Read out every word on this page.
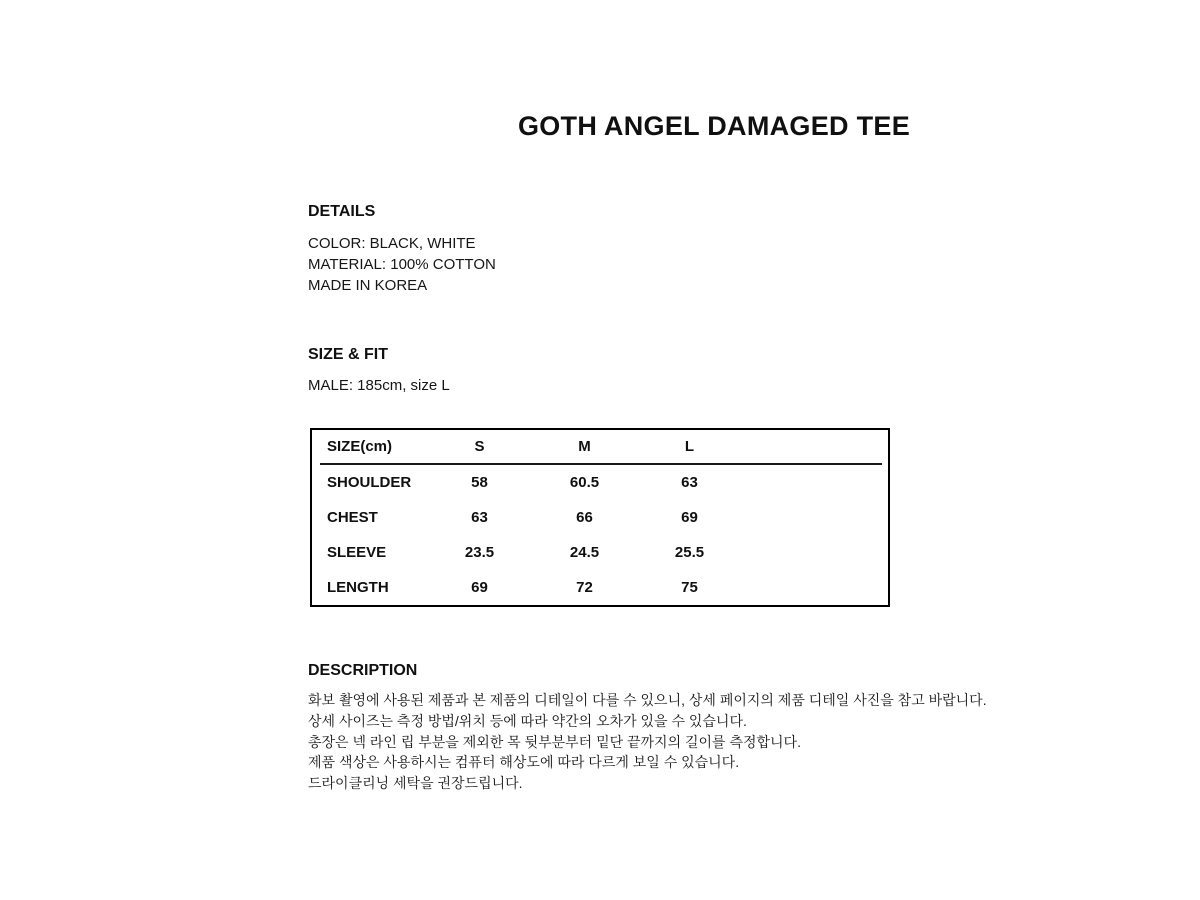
GOTH ANGEL DAMAGED TEE
DETAILS
COLOR: BLACK, WHITE
MATERIAL: 100% COTTON
MADE IN KOREA
SIZE & FIT
MALE: 185cm, size L
SIZE(cm)	S	M	L
SHOULDER	58	60.5	63
CHEST	63	66	69
SLEEVE	23.5	24.5	25.5
LENGTH	69	72	75
DESCRIPTION
화보 촬영에 사용된 제품과 본 제품의 디테일이 다를 수 있으니, 상세 페이지의 제품 디테일 사진을 참고 바랍니다.
상세 사이즈는 측정 방법/위치 등에 따라 약간의 오차가 있을 수 있습니다.
총장은 넥 라인 립 부분을 제외한 목 뒷부분부터 밑단 끝까지의 길이를 측정합니다.
제품 색상은 사용하시는 컴퓨터 해상도에 따라 다르게 보일 수 있습니다.
드라이클리닝 세탁을 권장드립니다.
